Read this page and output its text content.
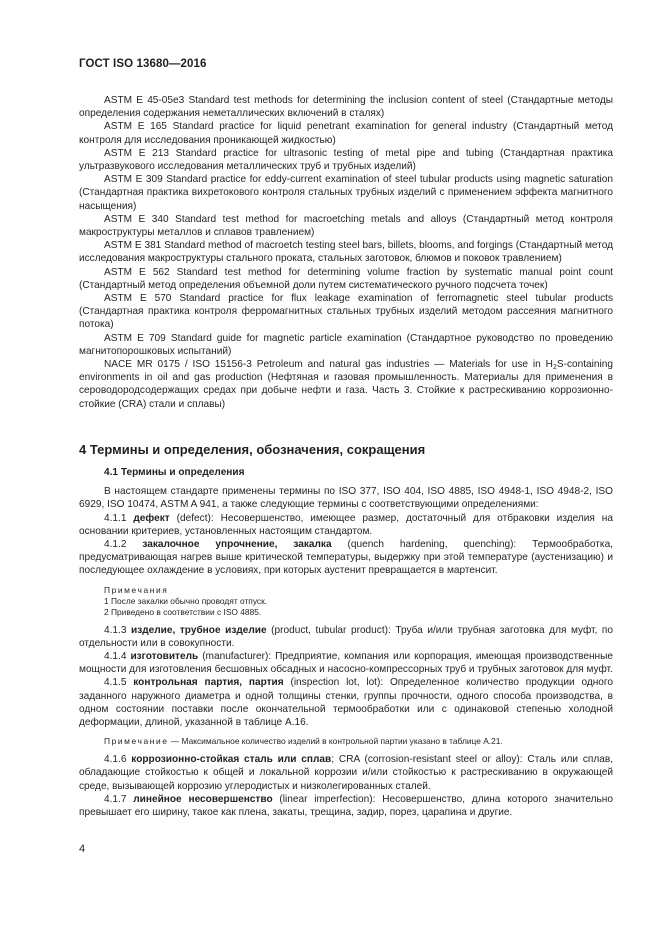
ГОСТ ISO 13680—2016

ASTM E 45-05e3 Standard test methods for determining the inclusion content of steel (Стандартные методы определения содержания неметаллических включений в сталях)

ASTM E 165 Standard practice for liquid penetrant examination for general industry (Стандартный метод контроля для исследования проникающей жидкостью)

ASTM E 213 Standard practice for ultrasonic testing of metal pipe and tubing (Стандартная практика ультразвукового исследования металлических труб и трубных изделий)

ASTM E 309 Standard practice for eddy-current examination of steel tubular products using magnetic saturation (Стандартная практика вихретокового контроля стальных трубных изделий с применением эффекта магнитного насыщения)

ASTM E 340 Standard test method for macroetching metals and alloys (Стандартный метод контроля макроструктуры металлов и сплавов травлением)

ASTM E 381 Standard method of macroetch testing steel bars, billets, blooms, and forgings (Стандартный метод исследования макроструктуры стального проката, стальных заготовок, блюмов и поковок травлением)

ASTM E 562 Standard test method for determining volume fraction by systematic manual point count (Стандартный метод определения объемной доли путем систематического ручного подсчета точек)

ASTM E 570 Standard practice for flux leakage examination of ferromagnetic steel tubular products (Стандартная практика контроля ферромагнитных стальных трубных изделий методом рассеяния магнитного потока)

ASTM E 709 Standard guide for magnetic particle examination (Стандартное руководство по проведению магнитопорошковых испытаний)

NACE MR 0175 / ISO 15156-3 Petroleum and natural gas industries — Materials for use in $H_2S$-containing environments in oil and gas production (Нефтяная и газовая промышленность. Материалы для применения в сероводородсодержащих средах при добыче нефти и газа. Часть 3. Стойкие к растрескиванию коррозионно-стойкие (CRA) стали и сплавы)

4 Термины и определения, обозначения, сокращения
4.1 Термины и определения

В настоящем стандарте применены термины по ISO 377, ISO 404, ISO 4885, ISO 4948-1, ISO 4948-2, ISO 6929, ISO 10474, ASTM A 941, а также следующие термины с соответствующими определениями:

4.1.1 дефект (defect): Несовершенство, имеющее размер, достаточный для отбраковки изделия на основании критериев, установленных настоящим стандартом.

4.1.2 закалочное упрочнение, закалка (quench hardening, quenching): Термообработка, предусматривающая нагрев выше критической температуры, выдержку при этой температуре (аустенизацию) и последующее охлаждение в условиях, при которых аустенит превращается в мартенсит.

Примечания
1 После закалки обычно проводят отпуск.
2 Приведено в соответствии с ISO 4885.

4.1.3 изделие, трубное изделие (product, tubular product): Труба и/или трубная заготовка для муфт, по отдельности или в совокупности.

4.1.4 изготовитель (manufacturer): Предприятие, компания или корпорация, имеющая производственные мощности для изготовления бесшовных обсадных и насосно-компрессорных труб и трубных заготовок для муфт.

4.1.5 контрольная партия, партия (inspection lot, lot): Определенное количество продукции одного заданного наружного диаметра и одной толщины стенки, группы прочности, одного способа производства, в одном состоянии поставки после окончательной термообработки или с одинаковой степенью холодной деформации, длиной, указанной в таблице А.16.

Примечание — Максимальное количество изделий в контрольной партии указано в таблице А.21.

4.1.6 коррозионно-стойкая сталь или сплав; CRA (corrosion-resistant steel or alloy): Сталь или сплав, обладающие стойкостью к общей и локальной коррозии и/или стойкостью к растрескиванию в окружающей среде, вызывающей коррозию углеродистых и низколегированных сталей.

4.1.7 линейное несовершенство (linear imperfection): Несовершенство, длина которого значительно превышает его ширину, такое как плена, закаты, трещина, задир, порез, царапина и другие.

4
